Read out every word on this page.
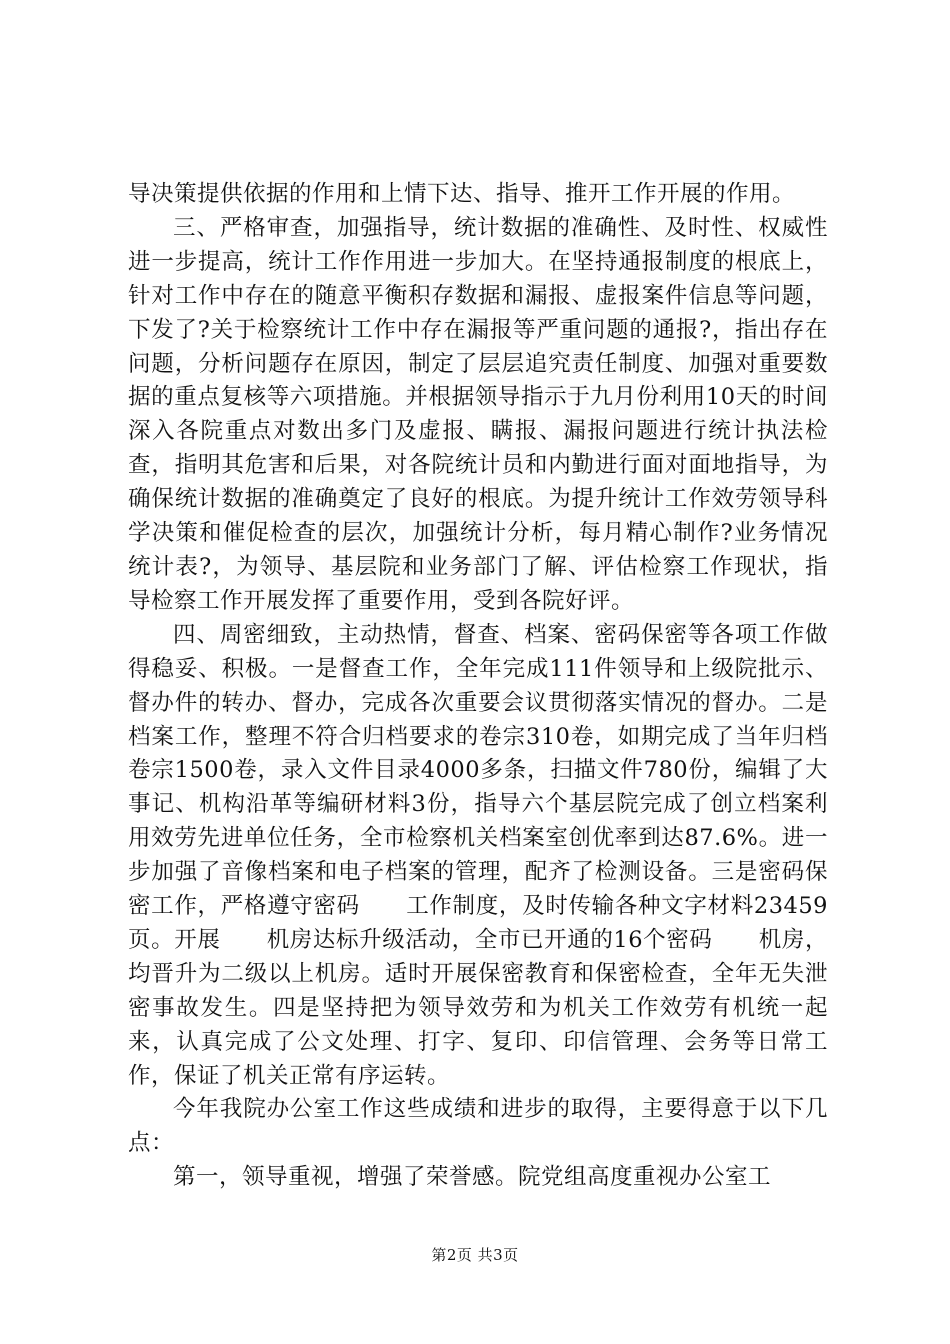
导决策提供依据的作用和上情下达、指导、推开工作开展的作用。

三、严格审查，加强指导，统计数据的准确性、及时性、权威性进一步提高，统计工作作用进一步加大。在坚持通报制度的根底上，针对工作中存在的随意平衡积存数据和漏报、虚报案件信息等问题，下发了?关于检察统计工作中存在漏报等严重问题的通报?，指出存在问题，分析问题存在原因，制定了层层追究责任制度、加强对重要数据的重点复核等六项措施。并根据领导指示于九月份利用10天的时间深入各院重点对数出多门及虚报、瞒报、漏报问题进行统计执法检查，指明其危害和后果，对各院统计员和内勤进行面对面地指导，为确保统计数据的准确奠定了良好的根底。为提升统计工作效劳领导科学决策和催促检查的层次，加强统计分析，每月精心制作?业务情况统计表?，为领导、基层院和业务部门了解、评估检察工作现状，指导检察工作开展发挥了重要作用，受到各院好评。

四、周密细致，主动热情，督查、档案、密码保密等各项工作做得稳妥、积极。一是督查工作，全年完成111件领导和上级院批示、督办件的转办、督办，完成各次重要会议贯彻落实情况的督办。二是档案工作，整理不符合归档要求的卷宗310卷，如期完成了当年归档卷宗1500卷，录入文件目录4000多条，扫描文件780份，编辑了大事记、机构沿革等编研材料3份，指导六个基层院完成了创立档案利用效劳先进单位任务，全市检察机关档案室创优率到达87.6%。进一步加强了音像档案和电子档案的管理，配齐了检测设备。三是密码保密工作，严格遵守密码　　工作制度，及时传输各种文字材料23459页。开展　　机房达标升级活动，全市已开通的16个密码　　机房，均晋升为二级以上机房。适时开展保密教育和保密检查，全年无失泄密事故发生。四是坚持把为领导效劳和为机关工作效劳有机统一起来，认真完成了公文处理、打字、复印、印信管理、会务等日常工作，保证了机关正常有序运转。

今年我院办公室工作这些成绩和进步的取得，主要得意于以下几点：

第一，领导重视，增强了荣誉感。院党组高度重视办公室工

第2页 共3页
